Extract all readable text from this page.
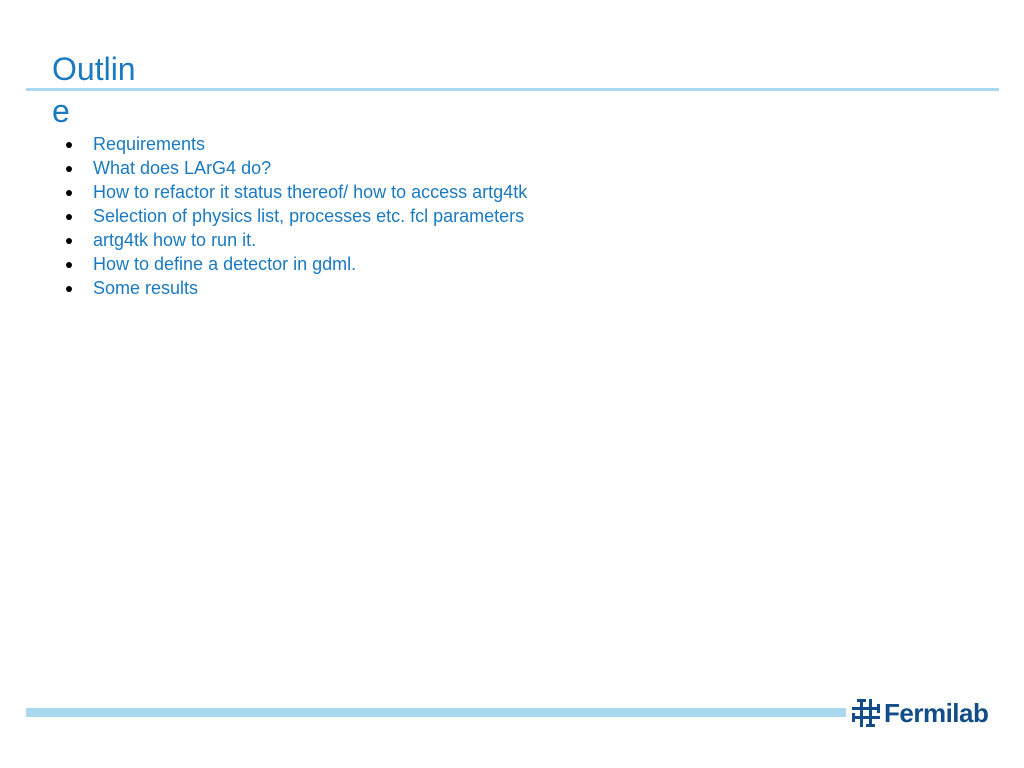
Outline
Requirements
What does LArG4 do?
How to refactor it status thereof/ how to access artg4tk
Selection of physics list, processes etc. fcl parameters
artg4tk how to run it.
How to define a detector in gdml.
Some results
Fermilab
